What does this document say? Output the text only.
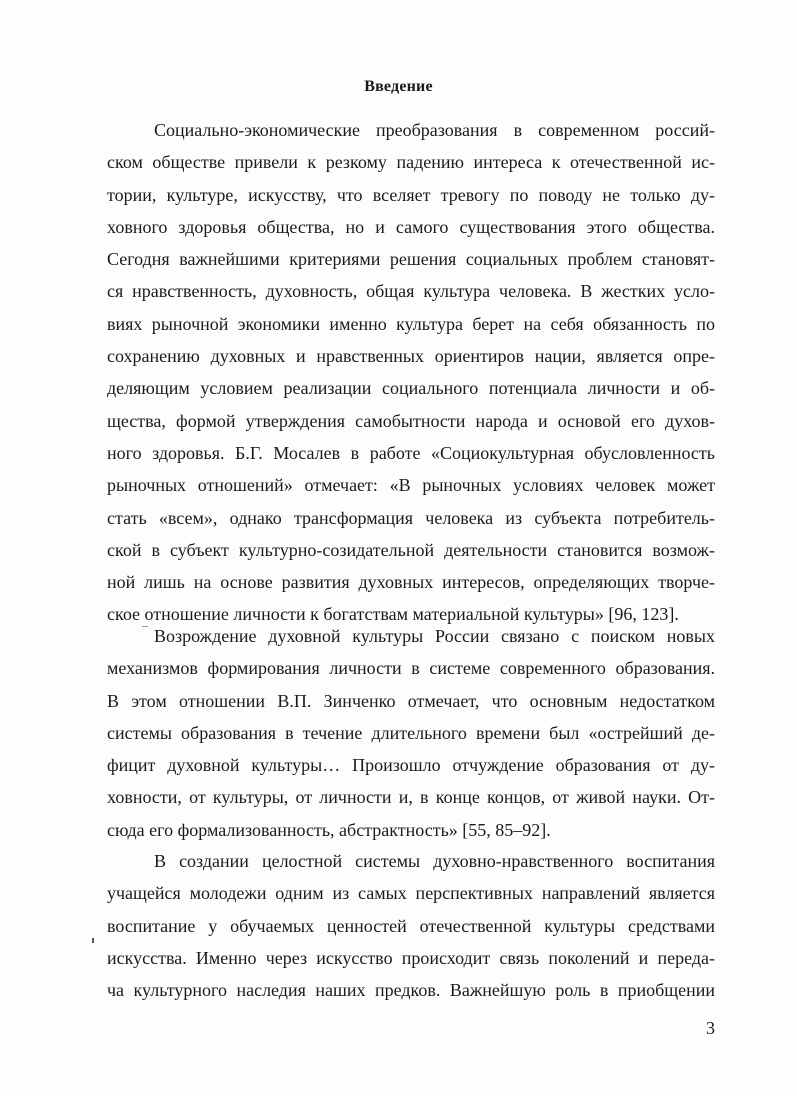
Введение
Социально-экономические преобразования в современном россий-
ском обществе привели к резкому падению интереса к отечественной ис-
тории, культуре, искусству, что вселяет тревогу по поводу не только ду-
ховного здоровья общества, но и самого существования этого общества.
Сегодня важнейшими критериями решения социальных проблем становят-
ся нравственность, духовность, общая культура человека. В жестких усло-
виях рыночной экономики именно культура берет на себя обязанность по
сохранению духовных и нравственных ориентиров нации, является опре-
деляющим условием реализации социального потенциала личности и об-
щества, формой утверждения самобытности народа и основой его духов-
ного здоровья. Б.Г. Мосалев в работе «Социокультурная обусловленность
рыночных отношений» отмечает: «В рыночных условиях человек может
стать «всем», однако трансформация человека из субъекта потребитель-
ской в субъект культурно-созидательной деятельности становится возмож-
ной лишь на основе развития духовных интересов, определяющих творче-
ское отношение личности к богатствам материальной культуры» [96, 123].
Возрождение духовной культуры России связано с поиском новых
механизмов формирования личности в системе современного образования.
В этом отношении В.П. Зинченко отмечает, что основным недостатком
системы образования в течение длительного времени был «острейший де-
фицит духовной культуры… Произошло отчуждение образования от ду-
ховности, от культуры, от личности и, в конце концов, от живой науки. От-
сюда его формализованность, абстрактность» [55, 85–92].
В создании целостной системы духовно-нравственного воспитания
учащейся молодежи одним из самых перспективных направлений является
воспитание у обучаемых ценностей отечественной культуры средствами
искусства. Именно через искусство происходит связь поколений и переда-
ча культурного наследия наших предков. Важнейшую роль в приобщении
3
